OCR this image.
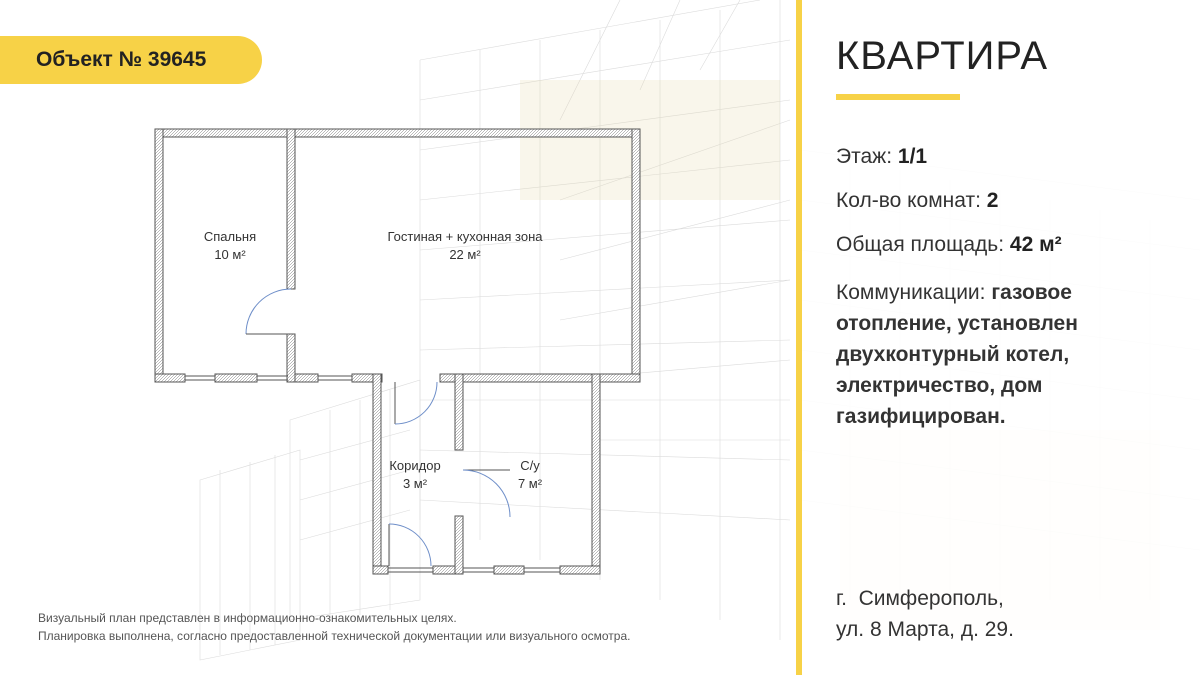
Объект № 39645
Спальня
10 м²
Гостиная + кухонная зона
22 м²
Коридор
3 м²
С/у
7 м²
Визуальный план представлен в информационно-ознакомительных целях.
Планировка выполнена, согласно предоставленной технической документации или визуального осмотра.
КВАРТИРА
Этаж: 1/1
Кол-во комнат: 2
Общая площадь: 42 м²
Коммуникации: газовое отопление, установлен двухконтурный котел, электричество, дом газифицирован.
г.  Симферополь,
ул. 8 Марта, д. 29.
